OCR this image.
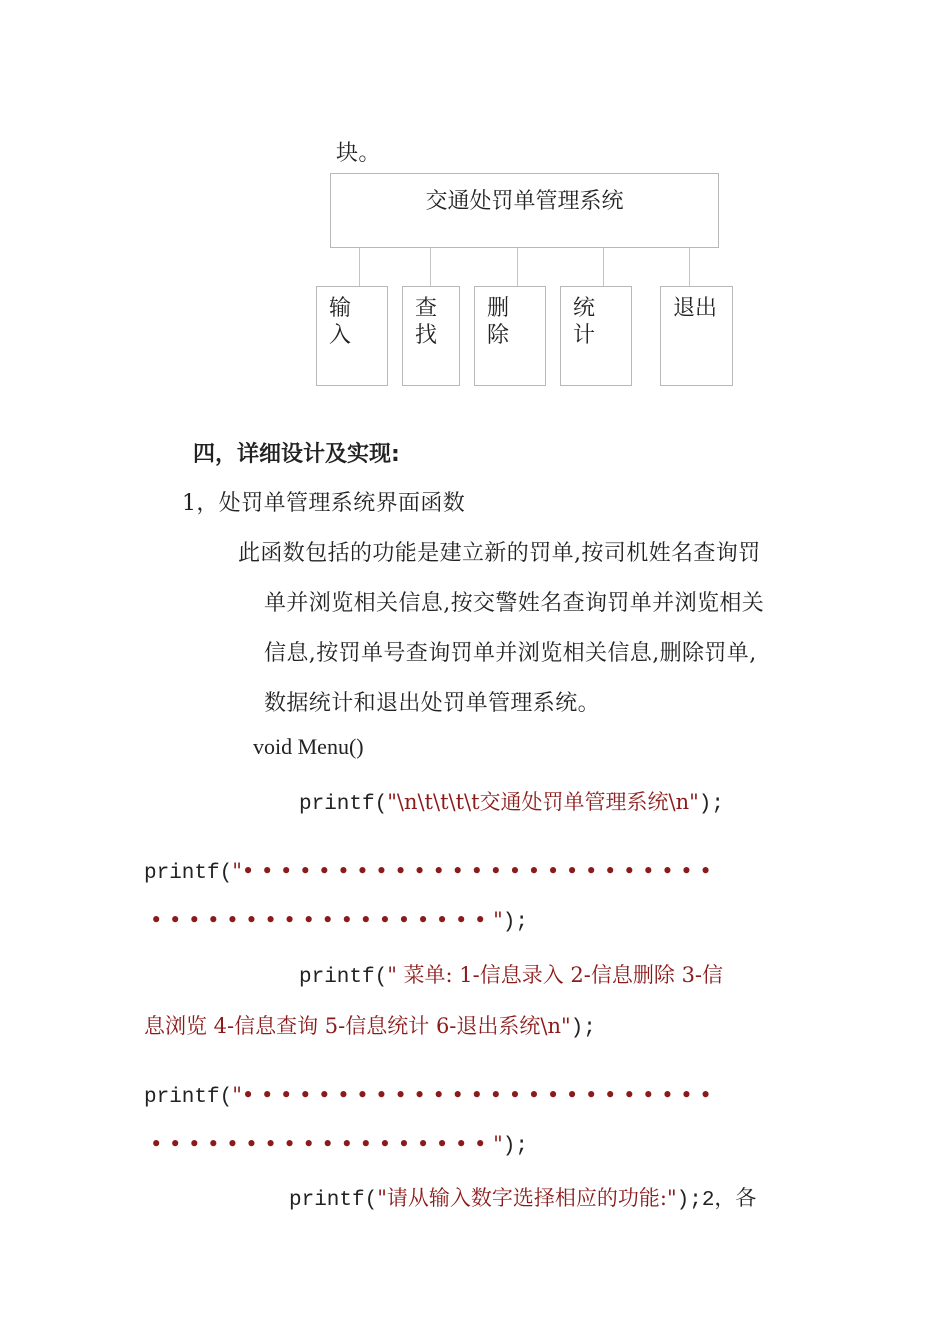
块。
交通处罚单管理系统
输
入
查
找
删
除
统
计
退出
四，详细设计及实现:
1，处罚单管理系统界面函数
此函数包括的功能是建立新的罚单,按司机姓名查询罚
单并浏览相关信息,按交警姓名查询罚单并浏览相关
信息,按罚单号查询罚单并浏览相关信息,删除罚单,
数据统计和退出处罚单管理系统。
void Menu()
printf("\n\t\t\t\t交通处罚单管理系统\n");
printf("• • • • • • • • • • • • • • • • • • • • • • • • •
• • • • • • • • • • • • • • • • • • ");
printf(" 菜单: 1-信息录入 2-信息删除 3-信
息浏览 4-信息查询 5-信息统计 6-退出系统\n");
printf("• • • • • • • • • • • • • • • • • • • • • • • • •
• • • • • • • • • • • • • • • • • • ");
printf("请从输入数字选择相应的功能:");2，各
